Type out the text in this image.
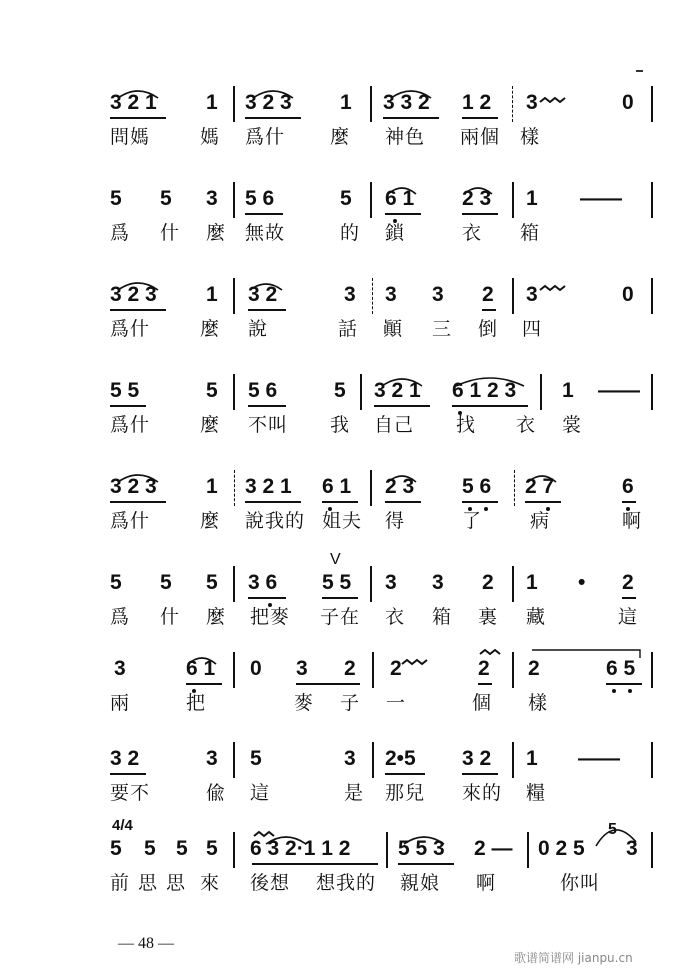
3 2 1 1 3 2 3 1 3 3 2 1 2 3	0
問媽	媽 爲什 麼 神色 兩個 樣
5 5 3 5 6	5 6 1 2 3 1 ——
爲 什 麼 無故	的 鎖	衣 箱
3 2 3 1 3 2	3 3 3 2 3	0
爲什	麼 說	話 顚 三 倒 四
5 5	5 5 6	5 3 2 1 6 1 2 3 1 ——
爲什	麼 不叫 我 自己 找 衣 裳
3 2 3 1 3 2 1 6 1 2 3 5 6 2 7	6
爲什	麼 說我的 姐夫 得	了	病	啊
5 5 5 3 6
V
5 5 3 3 2 1 • 2
爲 什 麼 把麥 子在 衣 箱 裏 藏	這
3	6 1 0 3 2 2	2 2	6 5
兩	把	麥 子 一	個 樣
3 2	3 5	3 2•5 3 2 1 ——
要不	偸 這	是 那兒 來的 糧
4/4
5 5 5 5 6 3 2·1 1 2 5 5 3 2 — 0 2 5
5
3
前 思 思 來 後想 想我的 親娘 啊	你叫
— 48 —
歌谱简谱网 jianpu.cn
